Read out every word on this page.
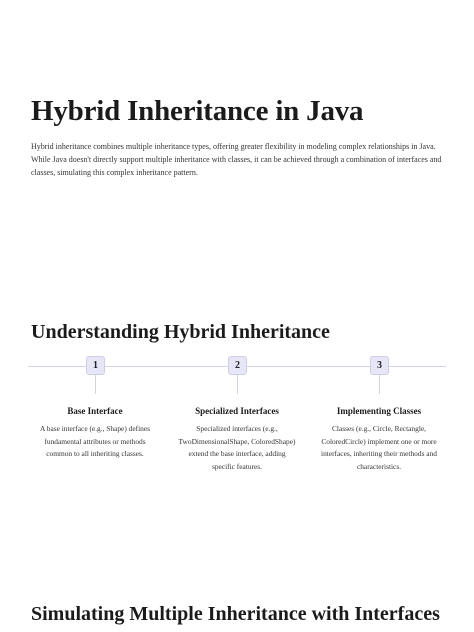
Hybrid Inheritance in Java

Hybrid inheritance combines multiple inheritance types, offering greater flexibility in modeling complex relationships in Java. While Java doesn't directly support multiple inheritance with classes, it can be achieved through a combination of interfaces and classes, simulating this complex inheritance pattern.

Understanding Hybrid Inheritance
1
Base Interface
A base interface (e.g., Shape) defines fundamental attributes or methods common to all inheriting classes.
2
Specialized Interfaces
Specialized interfaces (e.g., TwoDimensionalShape, ColoredShape) extend the base interface, adding specific features.
3
Implementing Classes
Classes (e.g., Circle, Rectangle, ColoredCircle) implement one or more interfaces, inheriting their methods and characteristics.
Simulating Multiple Inheritance with Interfaces
